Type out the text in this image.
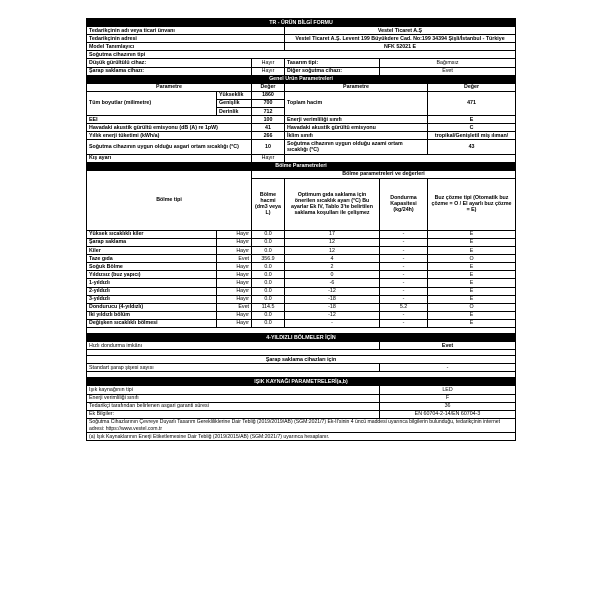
TR - ÜRÜN BİLGİ FORMU					
Tedarikçinin adı veya ticari ünvanı			Vestel Ticaret A.Ş		
Tedarikçinin adresi			Vestel Ticaret A.Ş. Levent 199 Büyükdere Cad. No:199 34394 Şişli/İstanbul - Türkiye		
Model Tanımlayıcı			NFK 52021 E		
Soğutma cihazının tipi					
Düşük gürültülü cihaz:		Hayır	Tasarım tipi:	Bağımsız	
Şarap saklama cihazı:		Hayır	Diğer soğutma cihazı:	Evet	
Genel Ürün Parametreleri					
Parametre		Değer	Parametre		Değer
Tüm boyutlar (milimetre)	Yükseklik	1860	Toplam hacim		471
	Genişlik	700			
	Derinlik	712			
EEI		100	Enerji verimliliği sınıfı		E
Havadaki akustik gürültü emisyonu (dB (A) re 1pW)		41	Havadaki akustik gürültü emisyonu		C
Yıllık enerji tüketimi (kWh/a)		266	İklim sınıfı		tropikal/Genişletil miş ılıman/
Soğutma cihazının uygun olduğu asgari ortam sıcaklığı (°C)		10	Soğutma cihazının uygun olduğu azami ortam sıcaklığı (°C)		43
Kış ayarı		Hayır			
Bölme Parametreleri					
Bölme tipi		Bölme parametreleri ve değerleri			
		Bölme hacmi (dm3 veya L)	Optimum gıda saklama için önerilen sıcaklık ayarı (°C) Bu ayarlar Ek IV, Tablo 3'te belirtilen saklama koşulları ile çelişmez	Dondurma Kapasitesi (kg/24h)	Buz çözme tipi (Otomatik buz çözme = O / El ayarlı buz çözme = E)
Yüksek sıcaklıklı kiler	Hayır	0.0	17	-	E
Şarap saklama	Hayır	0.0	12	-	E
Kiler	Hayır	0.0	12	-	E
Taze gıda	Evet	356.9	4	-	O
Soğuk Bölme	Hayır	0.0	2	-	E
Yıldızsız (buz yapıcı)	Hayır	0.0	0	-	E
1-yıldızlı	Hayır	0.0	-6	-	E
2-yıldızlı	Hayır	0.0	-12	-	E
3-yıldızlı	Hayır	0.0	-18	-	E
Dondurucu (4-yıldızlı)	Evet	114.5	-18	5.2	O
İki yıldızlı bölüm	Hayır	0.0	-12	-	E
Değişken sıcaklıklı bölmesi	Hayır	0.0	-	-	E

4-YILDIZLI BÖLMELER İÇİN					
Hızlı dondurma imkânı				Evet	

Şarap saklama cihazları için					
Standart şarap şişesi sayısı				-	

IŞIK KAYNAĞI PARAMETRELERİ(a,b)					
Işık kaynağının tipi				LED	
Enerji verimliliği sınıfı				F	
Tedarikçi tarafından belirlenen asgari garanti süresi				36	
Ek Bilgiler:				EN 60704-2-14/EN 60704-3	
Soğutma Cihazlarının Çevreye Duyarlı Tasarım Gerekliliklerine Dair Tebliğ (2019/2019/AB) (SGM:2021/7) Ek-II'sinin 4 üncü maddesi uyarınca bilgilerin bulunduğu, tedarikçinin internet adresi: https://www.vestel.com.tr					
(a) Işık Kaynaklarının Enerji Etiketlemesine Dair Tebliğ (2019/2015/AB) (SGM:2021/7) uyarınca hesaplanır.					
